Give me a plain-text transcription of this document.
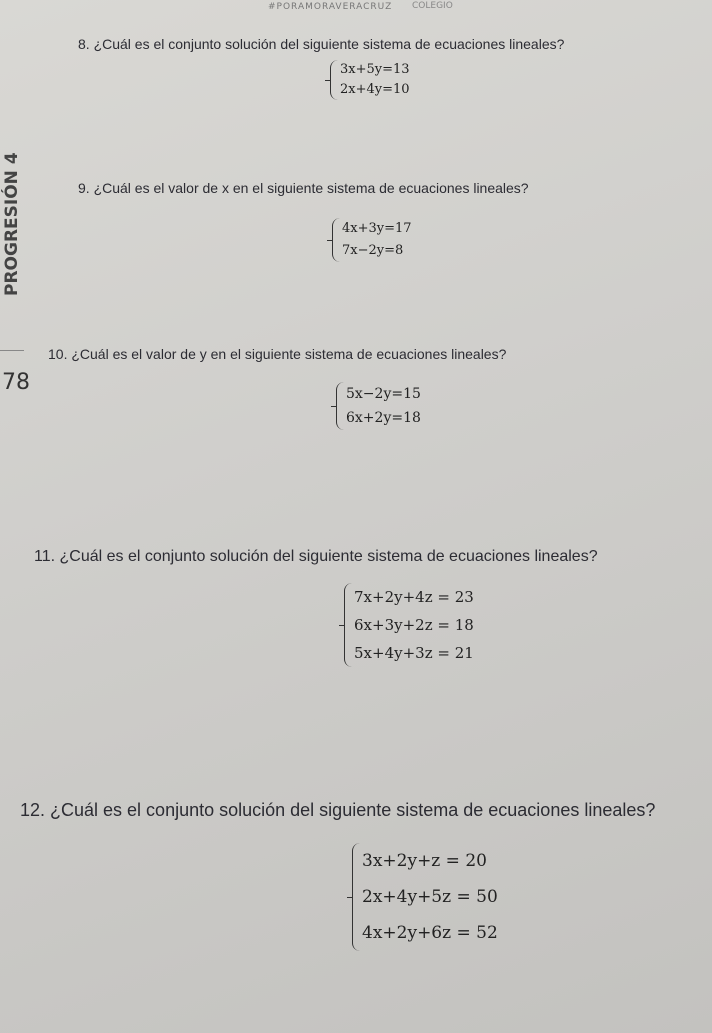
#PORAMORAVERACRUZ COLEGIO
PROGRESIÓN 4
78
8. ¿Cuál es el conjunto solución del siguiente sistema de ecuaciones lineales?
3x+5y=13
2x+4y=10
9. ¿Cuál es el valor de x en el siguiente sistema de ecuaciones lineales?
4x+3y=17
7x−2y=8
10. ¿Cuál es el valor de y en el siguiente sistema de ecuaciones lineales?
5x−2y=15
6x+2y=18
11. ¿Cuál es el conjunto solución del siguiente sistema de ecuaciones lineales?
7x+2y+4z = 23
6x+3y+2z = 18
5x+4y+3z = 21
12. ¿Cuál es el conjunto solución del siguiente sistema de ecuaciones lineales?
3x+2y+z = 20
2x+4y+5z = 50
4x+2y+6z = 52
